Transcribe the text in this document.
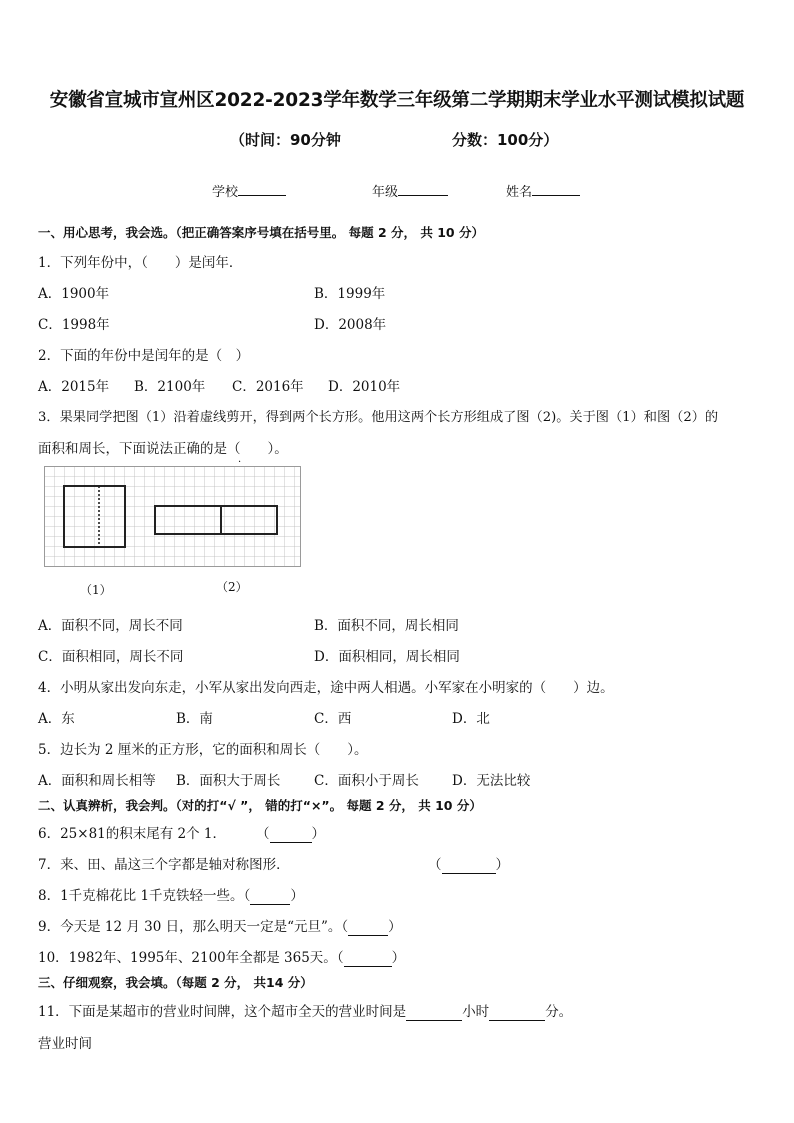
安徽省宣城市宣州区2022-2023学年数学三年级第二学期期末学业水平测试模拟试题
（时间：90分钟	分数：100分）
学校	年级	姓名
一、用心思考，我会选。（把正确答案序号填在括号里。 每题 2 分， 共 10 分）
1．下列年份中，（　　）是闰年．
A．1900年	B．1999年
C．1998年	D．2008年
2．下面的年份中是闰年的是（　）
A．2015年 B．2100年 C．2016年 D．2010年
3．果果同学把图（1）沿着虚线剪开，得到两个长方形。他用这两个长方形组成了图（2)。关于图（1）和图（2）的
面积和周长，下面说法正确的是（　　）。
·
（1）	（2）
A．面积不同，周长不同	B．面积不同，周长相同
C．面积相同，周长不同	D．面积相同，周长相同
4．小明从家出发向东走，小军从家出发向西走，途中两人相遇。小军家在小明家的（　　）边。
A．东	B．南	C．西	D．北
5．边长为 2 厘米的正方形，它的面积和周长（　　）。
A．面积和周长相等 B．面积大于周长 C．面积小于周长 D．无法比较
二、认真辨析，我会判。（对的打“√ ”， 错的打“×”。 每题 2 分， 共 10 分）
6．25×81的积末尾有 2个 1． （	）
7．来、田、晶这三个字都是轴对称图形．	（	）
8．1千克棉花比 1千克铁轻一些。（	）
9．今天是 12 月 30 日，那么明天一定是“元旦”。（	）
10．1982年、1995年、2100年全都是 365天。（	）
三、仔细观察，我会填。（每题 2 分， 共14 分）
11．下面是某超市的营业时间牌，这个超市全天的营业时间是	小时	分。
营业时间
